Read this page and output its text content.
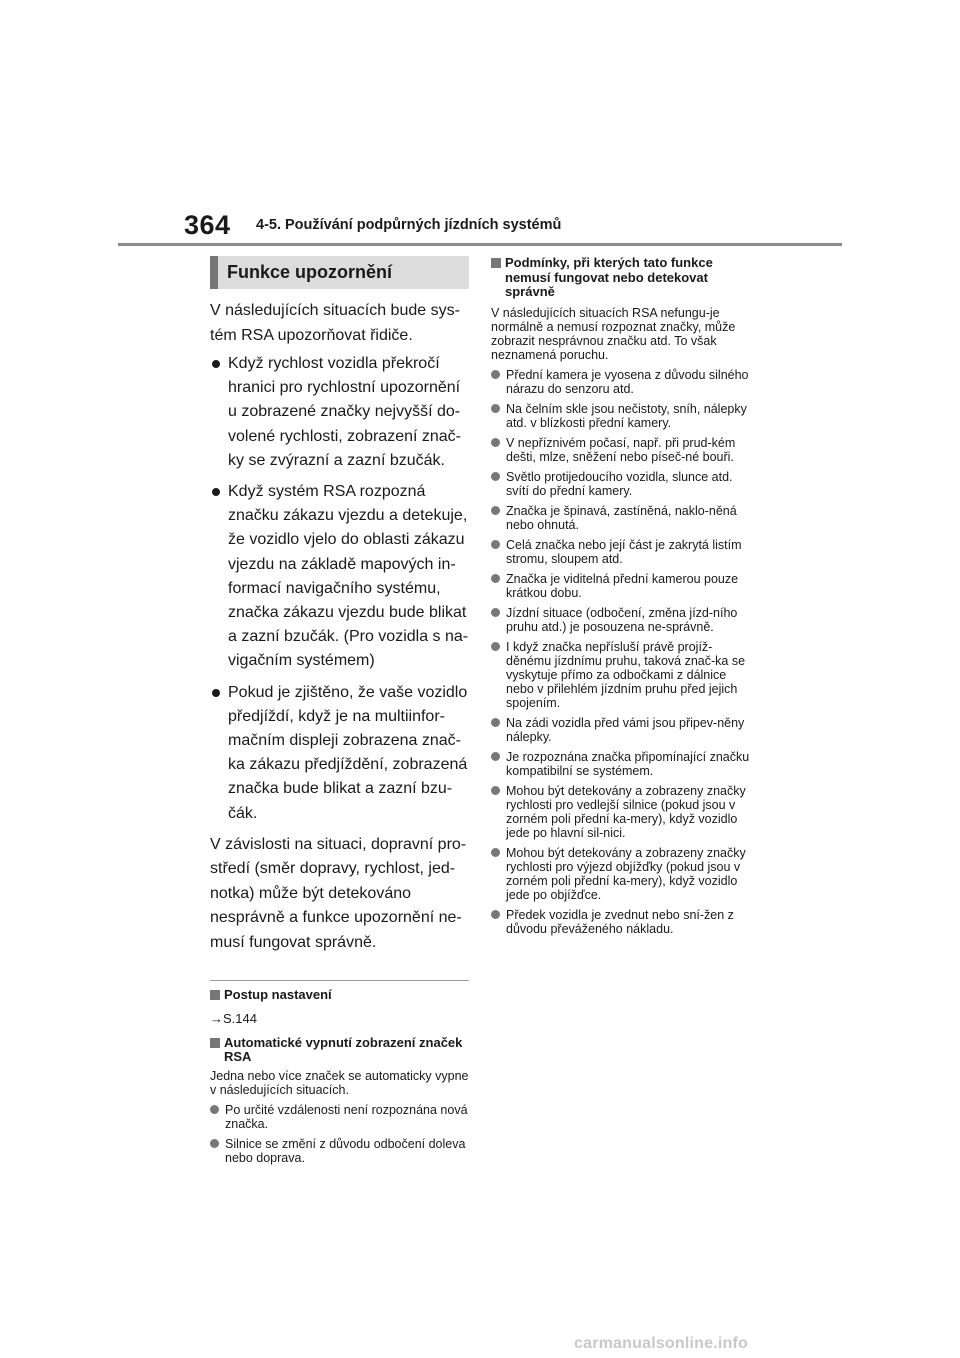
364 4-5. Používání podpůrných jízdních systémů
Funkce upozornění

V následujících situacích bude sys-tém RSA upozorňovat řidiče.

Když rychlost vozidla překročí hranici pro rychlostní upozornění u zobrazené značky nejvyšší do-volené rychlosti, zobrazení znač-ky se zvýrazní a zazní bzučák.
Když systém RSA rozpozná značku zákazu vjezdu a detekuje, že vozidlo vjelo do oblasti zákazu vjezdu na základě mapových in-formací navigačního systému, značka zákazu vjezdu bude blikat a zazní bzučák. (Pro vozidla s na-vigačním systémem)
Pokud je zjištěno, že vaše vozidlo předjíždí, když je na multiinfor-mačním displeji zobrazena znač-ka zákazu předjíždění, zobrazená značka bude blikat a zazní bzu-čák.

V závislosti na situaci, dopravní pro-středí (směr dopravy, rychlost, jed-notka) může být detekováno nesprávně a funkce upozornění ne-musí fungovat správně.

Postup nastavení

→S.144

Automatické vypnutí zobrazení značek RSA

Jedna nebo více značek se automaticky vypne v následujících situacích.

Po určité vzdálenosti není rozpoznána nová značka.
Silnice se změní z důvodu odbočení doleva nebo doprava.

Podmínky, při kterých tato funkce nemusí fungovat nebo detekovat správně

V následujících situacích RSA nefungu-je normálně a nemusí rozpoznat značky, může zobrazit nesprávnou značku atd. To však neznamená poruchu.

Přední kamera je vyosena z důvodu silného nárazu do senzoru atd.
Na čelním skle jsou nečistoty, sníh, nálepky atd. v blízkosti přední kamery.
V nepříznivém počasí, např. při prud-kém dešti, mlze, sněžení nebo píseč-né bouři.
Světlo protijedoucího vozidla, slunce atd. svítí do přední kamery.
Značka je špinavá, zastíněná, naklo-něná nebo ohnutá.
Celá značka nebo její část je zakrytá listím stromu, sloupem atd.
Značka je viditelná přední kamerou pouze krátkou dobu.
Jízdní situace (odbočení, změna jízd-ního pruhu atd.) je posouzena ne-správně.
I když značka nepřísluší právě projíž-děnému jízdnímu pruhu, taková znač-ka se vyskytuje přímo za odbočkami z dálnice nebo v přilehlém jízdním pruhu před jejich spojením.
Na zádi vozidla před vámi jsou připev-něny nálepky.
Je rozpoznána značka připomínající značku kompatibilní se systémem.
Mohou být detekovány a zobrazeny značky rychlosti pro vedlejší silnice (pokud jsou v zorném poli přední ka-mery), když vozidlo jede po hlavní sil-nici.
Mohou být detekovány a zobrazeny značky rychlosti pro výjezd objížďky (pokud jsou v zorném poli přední ka-mery), když vozidlo jede po objížďce.
Předek vozidla je zvednut nebo sní-žen z důvodu převáženého nákladu.
carmanualsonline.info
